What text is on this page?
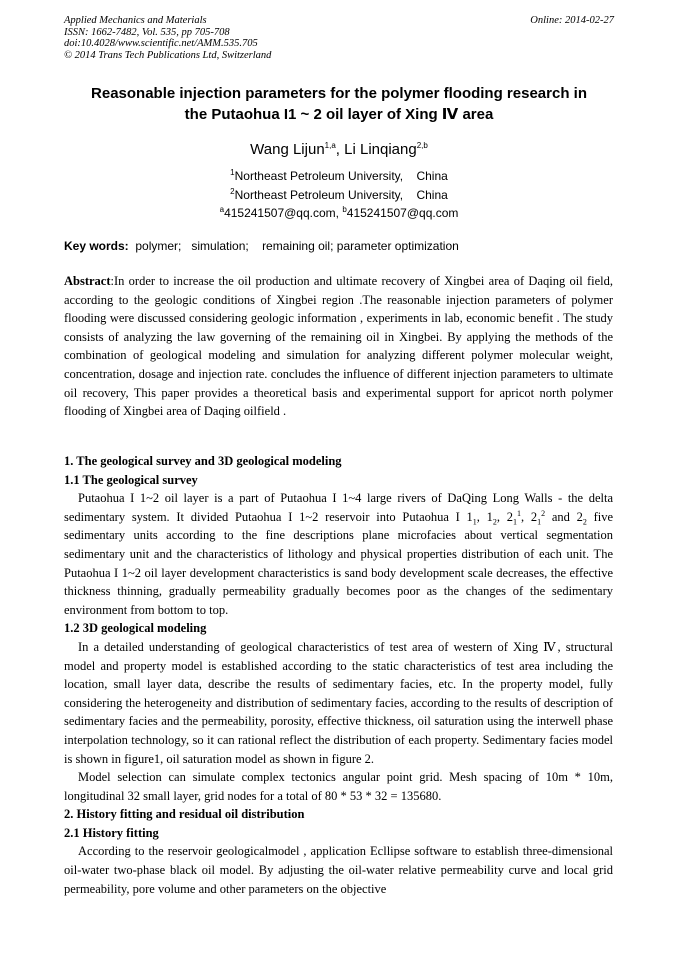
Applied Mechanics and Materials
ISSN: 1662-7482, Vol. 535, pp 705-708
doi:10.4028/www.scientific.net/AMM.535.705
© 2014 Trans Tech Publications Ltd, Switzerland
Online: 2014-02-27
Reasonable injection parameters for the polymer flooding research in
the Putaohua I1 ~ 2 oil layer of Xing Ⅳ area
Wang Lijun$^{1,a}$, Li Linqiang$^{2,b}$
$^1$Northeast Petroleum University,    China
$^2$Northeast Petroleum University,    China
$^a$415241507@qq.com, $^b$415241507@qq.com
Key words:  polymer;   simulation;    remaining oil; parameter optimization

Abstract:In order to increase the oil production and ultimate recovery of Xingbei area of Daqing oil field, according to the geologic conditions of Xingbei region .The reasonable injection parameters of polymer flooding were discussed considering geologic information , experiments in lab, economic benefit . The study consists of analyzing the law governing of the remaining oil in Xingbei. By applying the methods of the combination of geological modeling and simulation for analyzing different polymer molecular weight, concentration, dosage and injection rate. concludes the influence of different injection parameters to ultimate oil recovery, This paper provides a theoretical basis and experimental support for apricot north polymer flooding of Xingbei area of Daqing oilfield .

1. The geological survey and 3D geological modeling

1.1 The geological survey

Putaohua I 1~2 oil layer is a part of Putaohua I 1~4 large rivers of DaQing Long Walls - the delta sedimentary system. It divided Putaohua I 1~2 reservoir into Putaohua I $1_1$, $1_2$, $2_1^1$, $2_1^2$ and $2_2$ five sedimentary units according to the fine descriptions plane microfacies about vertical segmentation sedimentary unit and the characteristics of lithology and physical properties distribution of each unit. The Putaohua I 1~2 oil layer development characteristics is sand body development scale decreases, the effective thickness thinning, gradually permeability gradually becomes poor as the changes of the sedimentary environment from bottom to top.

1.2 3D geological modeling

In a detailed understanding of geological characteristics of test area of western of Xing Ⅳ, structural model and property model is established according to the static characteristics of test area including the location, small layer data, describe the results of sedimentary facies, etc. In the property model, fully considering the heterogeneity and distribution of sedimentary facies, according to the results of description of sedimentary facies and the permeability, porosity, effective thickness, oil saturation using the interwell phase interpolation technology, so it can rational reflect the distribution of each property. Sedimentary facies model is shown in figure1, oil saturation model as shown in figure 2.

Model selection can simulate complex tectonics angular point grid. Mesh spacing of 10m * 10m, longitudinal 32 small layer, grid nodes for a total of 80 * 53 * 32 = 135680.

2. History fitting and residual oil distribution

2.1 History fitting

According to the reservoir geologicalmodel , application Ecllipse software to establish three-dimensional oil-water two-phase black oil model. By adjusting the oil-water relative permeability curve and local grid permeability, pore volume and other parameters on the objective
